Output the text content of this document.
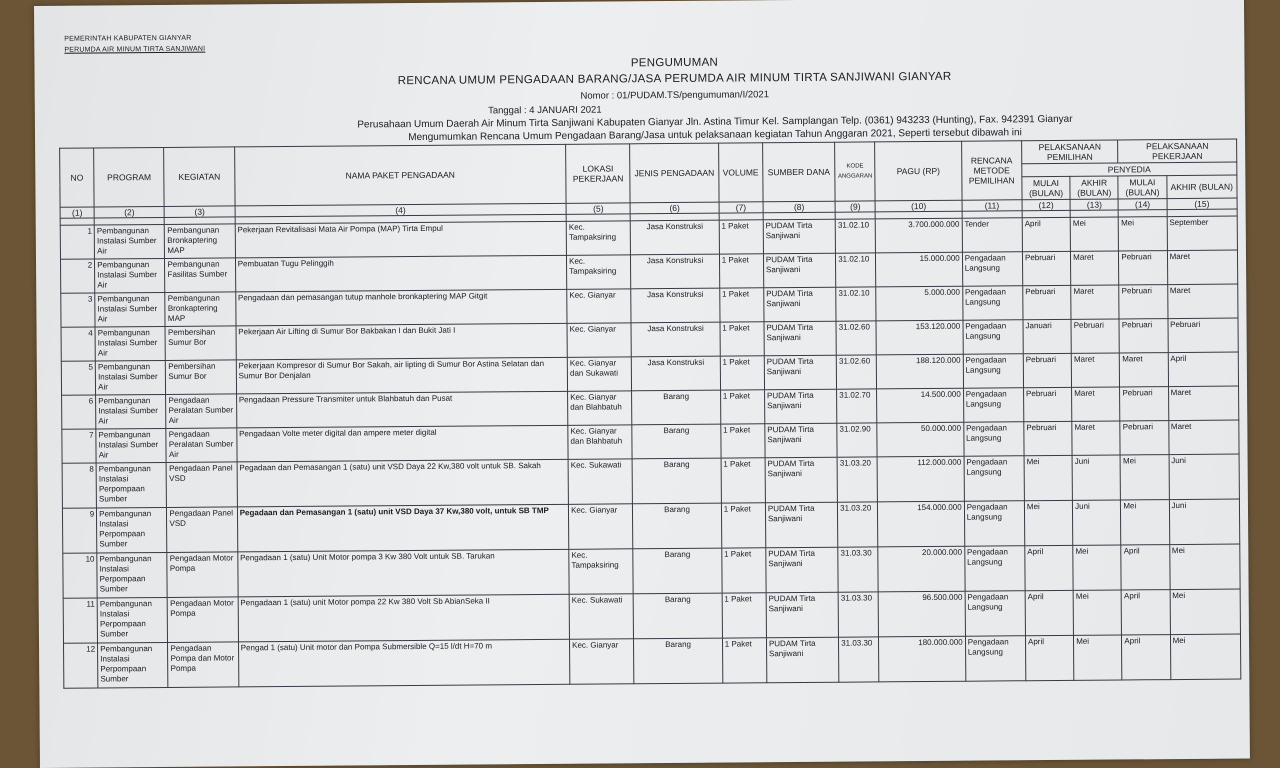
PEMERINTAH KABUPATEN GIANYAR
PERUMDA AIR MINUM TIRTA SANJIWANI
PENGUMUMAN
RENCANA UMUM PENGADAAN BARANG/JASA PERUMDA AIR MINUM TIRTA SANJIWANI GIANYAR
Nomor : 01/PUDAM.TS/pengumuman/I/2021
Tanggal : 4 JANUARI 2021
Perusahaan Umum Daerah Air Minum Tirta Sanjiwani Kabupaten Gianyar Jln. Astina Timur Kel. Samplangan Telp. (0361) 943233 (Hunting), Fax. 942391 Gianyar
Mengumumkan Rencana Umum Pengadaan Barang/Jasa untuk pelaksanaan kegiatan Tahun Anggaran 2021, Seperti tersebut dibawah ini
NO	PROGRAM	KEGIATAN	NAMA PAKET PENGADAAN	LOKASI PEKERJAAN	JENIS PENGADAAN	VOLUME	SUMBER DANA	KODE ANGGARAN	PAGU (RP)	RENCANA METODE PEMILIHAN	PELAKSANAAN PEMILIHAN		PELAKSANAAN PEKERJAAN	
											PENYEDIA			
											MULAI (BULAN)	AKHIR (BULAN)	MULAI (BULAN)	AKHIR (BULAN)
(1)	(2)	(3)	(4)	(5)	(6)	(7)	(8)	(9)	(10)	(11)	(12)	(13)	(14)	(15)

1	Pembangunan Instalasi Sumber Air	Pembangunan Bronkaptering MAP	Pekerjaan Revitalisasi Mata Air Pompa (MAP) Tirta Empul	Kec. Tampaksiring	Jasa Konstruksi	1 Paket	PUDAM Tirta Sanjiwani	31.02.10	3.700.000.000	Tender	April	Mei	Mei	September
2	Pembangunan Instalasi Sumber Air	Pembangunan Fasilitas Sumber	Pembuatan Tugu Pelinggih	Kec. Tampaksiring	Jasa Konstruksi	1 Paket	PUDAM Tirta Sanjiwani	31.02.10	15.000.000	Pengadaan Langsung	Pebruari	Maret	Pebruari	Maret
3	Pembangunan Instalasi Sumber Air	Pembangunan Bronkaptering MAP	Pengadaan dan pemasangan tutup manhole bronkaptering MAP Gitgit	Kec. Gianyar	Jasa Konstruksi	1 Paket	PUDAM Tirta Sanjiwani	31.02.10	5.000.000	Pengadaan Langsung	Pebruari	Maret	Pebruari	Maret
4	Pembangunan Instalasi Sumber Air	Pembersihan Sumur Bor	Pekerjaan Air Lifting di Sumur Bor Bakbakan I dan Bukit Jati I	Kec. Gianyar	Jasa Konstruksi	1 Paket	PUDAM Tirta Sanjiwani	31.02.60	153.120.000	Pengadaan Langsung	Januari	Pebruari	Pebruari	Pebruari
5	Pembangunan Instalasi Sumber Air	Pembersihan Sumur Bor	Pekerjaan Kompresor di Sumur Bor Sakah, air lipting di Sumur Bor Astina Selatan dan Sumur Bor Denjalan	Kec. Gianyar dan Sukawati	Jasa Konstruksi	1 Paket	PUDAM Tirta Sanjiwani	31.02.60	188.120.000	Pengadaan Langsung	Pebruari	Maret	Maret	April
6	Pembangunan Instalasi Sumber Air	Pengadaan Peralatan Sumber Air	Pengadaan Pressure Transmiter untuk Blahbatuh dan Pusat	Kec. Gianyar dan Blahbatuh	Barang	1 Paket	PUDAM Tirta Sanjiwani	31.02.70	14.500.000	Pengadaan Langsung	Pebruari	Maret	Pebruari	Maret
7	Pembangunan Instalasi Sumber Air	Pengadaan Peralatan Sumber Air	Pengadaan Volte meter digital dan ampere meter digital	Kec. Gianyar dan Blahbatuh	Barang	1 Paket	PUDAM Tirta Sanjiwani	31.02.90	50.000.000	Pengadaan Langsung	Pebruari	Maret	Pebruari	Maret
8	Pembangunan Instalasi Perpompaan Sumber	Pengadaan Panel VSD	Pegadaan dan Pemasangan 1 (satu) unit VSD Daya 22 Kw,380 volt untuk SB. Sakah	Kec. Sukawati	Barang	1 Paket	PUDAM Tirta Sanjiwani	31.03.20	112.000.000	Pengadaan Langsung	Mei	Juni	Mei	Juni
9	Pembangunan Instalasi Perpompaan Sumber	Pengadaan Panel VSD	Pegadaan dan Pemasangan 1 (satu) unit VSD Daya 37 Kw,380 volt, untuk SB TMP	Kec. Gianyar	Barang	1 Paket	PUDAM Tirta Sanjiwani	31.03.20	154.000.000	Pengadaan Langsung	Mei	Juni	Mei	Juni
10	Pembangunan Instalasi Perpompaan Sumber	Pengadaan Motor Pompa	Pengadaan 1 (satu) Unit Motor pompa 3 Kw 380 Volt untuk SB. Tarukan	Kec. Tampaksiring	Barang	1 Paket	PUDAM Tirta Sanjiwani	31.03.30	20.000.000	Pengadaan Langsung	April	Mei	April	Mei
11	Pembangunan Instalasi Perpompaan Sumber	Pengadaan Motor Pompa	Pengadaan 1 (satu) unit Motor pompa 22 Kw 380 Volt Sb AbianSeka II	Kec. Sukawati	Barang	1 Paket	PUDAM Tirta Sanjiwani	31.03.30	96.500.000	Pengadaan Langsung	April	Mei	April	Mei
12	Pembangunan Instalasi Perpompaan Sumber	Pengadaan Pompa dan Motor Pompa	Pengad 1 (satu) Unit motor dan Pompa Submersible Q=15 l/dt H=70 m	Kec. Gianyar	Barang	1 Paket	PUDAM Tirta Sanjiwani	31.03.30	180.000.000	Pengadaan Langsung	April	Mei	April	Mei
